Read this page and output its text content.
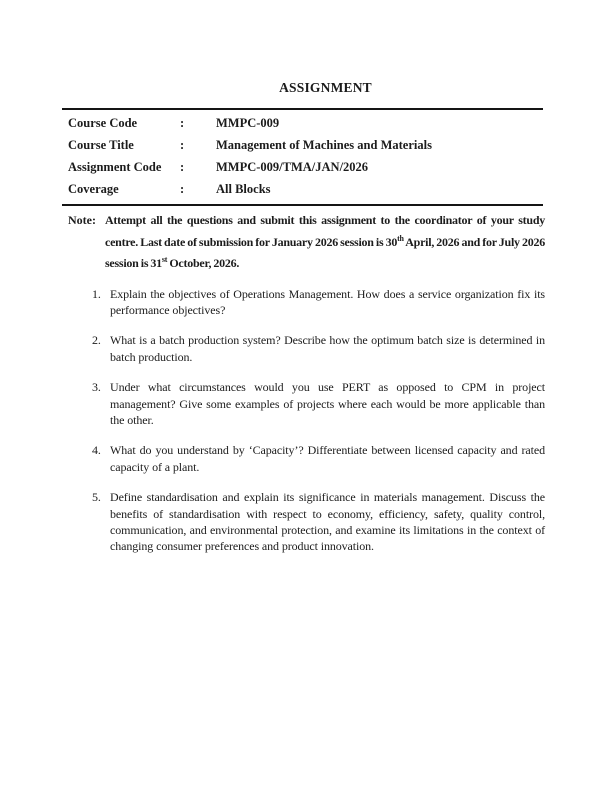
ASSIGNMENT
Course Code	:	MMPC-009
Course Title	:	Management of Machines and Materials
Assignment Code	:	MMPC-009/TMA/JAN/2026
Coverage	:	All Blocks
Note: Attempt all the questions and submit this assignment to the coordinator of your study centre. Last date of submission for January 2026 session is 30th April, 2026 and for July 2026 session is 31st October, 2026.
1. Explain the objectives of Operations Management. How does a service organization fix its performance objectives?
2. What is a batch production system? Describe how the optimum batch size is determined in batch production.
3. Under what circumstances would you use PERT as opposed to CPM in project management? Give some examples of projects where each would be more applicable than the other.
4. What do you understand by ‘Capacity’? Differentiate between licensed capacity and rated capacity of a plant.
5. Define standardisation and explain its significance in materials management. Discuss the benefits of standardisation with respect to economy, efficiency, safety, quality control, communication, and environmental protection, and examine its limitations in the context of changing consumer preferences and product innovation.
